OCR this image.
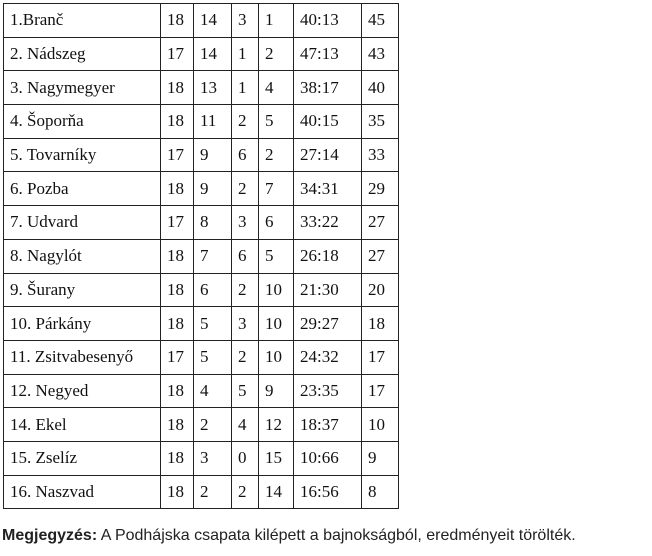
1.Branč	18	14	3	1	40:13	45
2. Nádszeg	17	14	1	2	47:13	43
3. Nagymegyer	18	13	1	4	38:17	40
4. Šoporňa	18	11	2	5	40:15	35
5. Tovarníky	17	9	6	2	27:14	33
6. Pozba	18	9	2	7	34:31	29
7. Udvard	17	8	3	6	33:22	27
8. Nagylót	18	7	6	5	26:18	27
9. Šurany	18	6	2	10	21:30	20
10. Párkány	18	5	3	10	29:27	18
11. Zsitvabesenyő	17	5	2	10	24:32	17
12. Negyed	18	4	5	9	23:35	17
14. Ekel	18	2	4	12	18:37	10
15. Zselíz	18	3	0	15	10:66	9
16. Naszvad	18	2	2	14	16:56	8
Megjegyzés: A Podhájska csapata kilépett a bajnokságból, eredményeit törölték.
